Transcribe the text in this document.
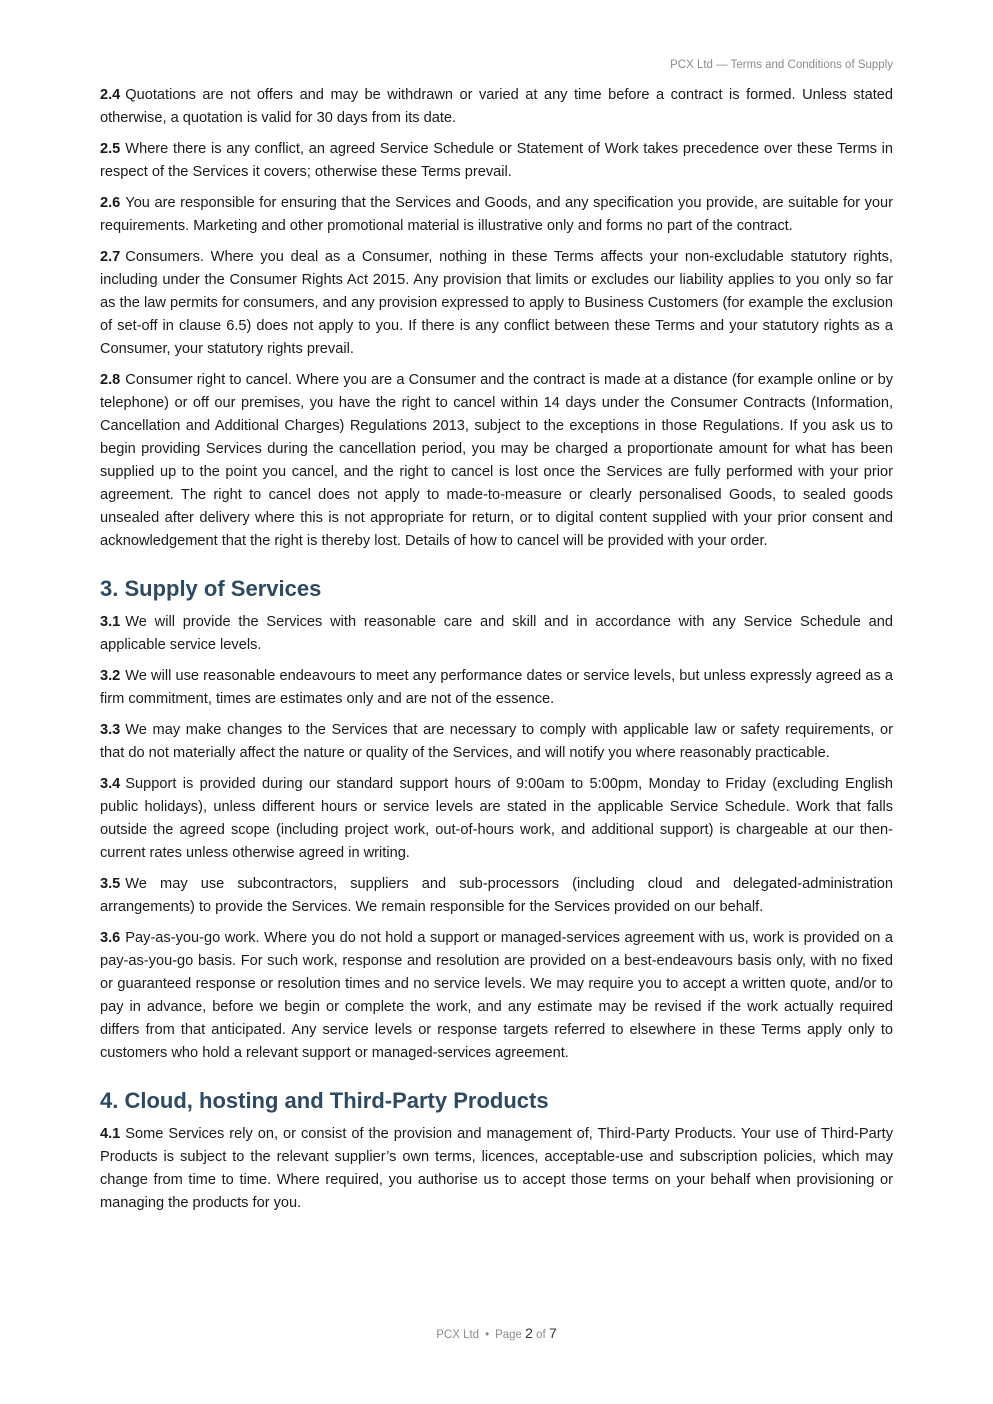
PCX Ltd — Terms and Conditions of Supply

2.4 Quotations are not offers and may be withdrawn or varied at any time before a contract is formed. Unless stated otherwise, a quotation is valid for 30 days from its date.

2.5 Where there is any conflict, an agreed Service Schedule or Statement of Work takes precedence over these Terms in respect of the Services it covers; otherwise these Terms prevail.

2.6 You are responsible for ensuring that the Services and Goods, and any specification you provide, are suitable for your requirements. Marketing and other promotional material is illustrative only and forms no part of the contract.

2.7 Consumers. Where you deal as a Consumer, nothing in these Terms affects your non-excludable statutory rights, including under the Consumer Rights Act 2015. Any provision that limits or excludes our liability applies to you only so far as the law permits for consumers, and any provision expressed to apply to Business Customers (for example the exclusion of set-off in clause 6.5) does not apply to you. If there is any conflict between these Terms and your statutory rights as a Consumer, your statutory rights prevail.

2.8 Consumer right to cancel. Where you are a Consumer and the contract is made at a distance (for example online or by telephone) or off our premises, you have the right to cancel within 14 days under the Consumer Contracts (Information, Cancellation and Additional Charges) Regulations 2013, subject to the exceptions in those Regulations. If you ask us to begin providing Services during the cancellation period, you may be charged a proportionate amount for what has been supplied up to the point you cancel, and the right to cancel is lost once the Services are fully performed with your prior agreement. The right to cancel does not apply to made-to-measure or clearly personalised Goods, to sealed goods unsealed after delivery where this is not appropriate for return, or to digital content supplied with your prior consent and acknowledgement that the right is thereby lost. Details of how to cancel will be provided with your order.

3. Supply of Services

3.1 We will provide the Services with reasonable care and skill and in accordance with any Service Schedule and applicable service levels.

3.2 We will use reasonable endeavours to meet any performance dates or service levels, but unless expressly agreed as a firm commitment, times are estimates only and are not of the essence.

3.3 We may make changes to the Services that are necessary to comply with applicable law or safety requirements, or that do not materially affect the nature or quality of the Services, and will notify you where reasonably practicable.

3.4 Support is provided during our standard support hours of 9:00am to 5:00pm, Monday to Friday (excluding English public holidays), unless different hours or service levels are stated in the applicable Service Schedule. Work that falls outside the agreed scope (including project work, out-of-hours work, and additional support) is chargeable at our then-current rates unless otherwise agreed in writing.

3.5 We may use subcontractors, suppliers and sub-processors (including cloud and delegated-administration arrangements) to provide the Services. We remain responsible for the Services provided on our behalf.

3.6 Pay-as-you-go work. Where you do not hold a support or managed-services agreement with us, work is provided on a pay-as-you-go basis. For such work, response and resolution are provided on a best-endeavours basis only, with no fixed or guaranteed response or resolution times and no service levels. We may require you to accept a written quote, and/or to pay in advance, before we begin or complete the work, and any estimate may be revised if the work actually required differs from that anticipated. Any service levels or response targets referred to elsewhere in these Terms apply only to customers who hold a relevant support or managed-services agreement.

4. Cloud, hosting and Third-Party Products

4.1 Some Services rely on, or consist of the provision and management of, Third-Party Products. Your use of Third-Party Products is subject to the relevant supplier’s own terms, licences, acceptable-use and subscription policies, which may change from time to time. Where required, you authorise us to accept those terms on your behalf when provisioning or managing the products for you.

PCX Ltd • Page 2 of 7
